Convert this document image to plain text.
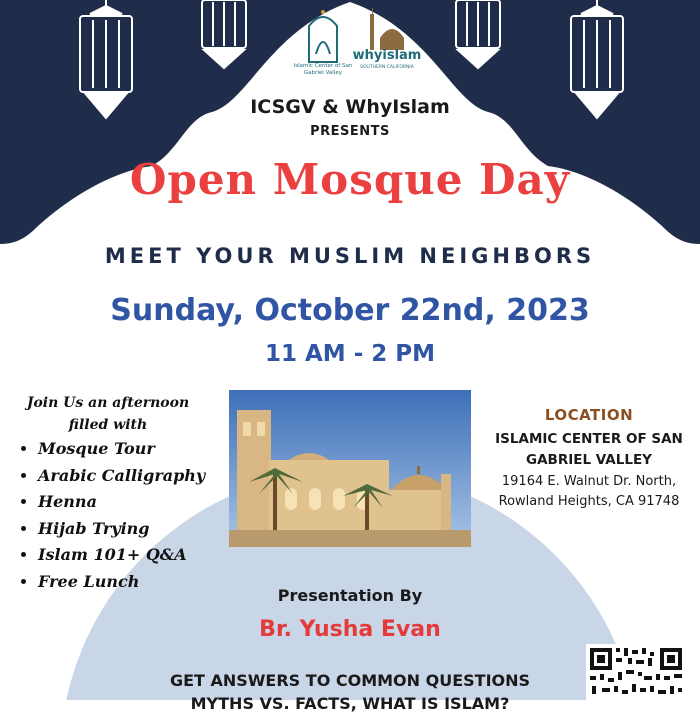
Islamic Center of San Gabriel Valley
whyislam
SOUTHERN CALIFORNIA
ICSGV & WhyIslam
PRESENTS
Open Mosque Day
MEET YOUR MUSLIM NEIGHBORS
Sunday, October 22nd, 2023
11 AM - 2 PM
Join Us an afternoon filled with
• Mosque Tour
• Arabic Calligraphy
• Henna
• Hijab Trying
• Islam 101+ Q&A
• Free Lunch
LOCATION
ISLAMIC CENTER OF SAN GABRIEL VALLEY
19164 E. Walnut Dr. North,
Rowland Heights, CA 91748
Presentation By
Br. Yusha Evan
GET ANSWERS TO COMMON QUESTIONS
MYTHS VS. FACTS, WHAT IS ISLAM?
